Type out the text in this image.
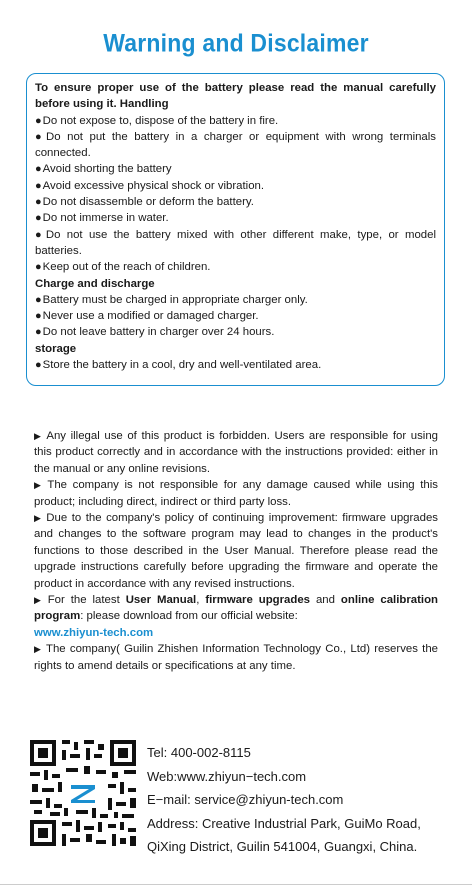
Warning and Disclaimer

To ensure proper use of the battery please read the manual carefully before using it. Handling

● Do not expose to, dispose of the battery in fire.

● Do not put the battery in a charger or equipment with wrong terminals connected.

● Avoid shorting the battery

● Avoid excessive physical shock or vibration.

● Do not disassemble or deform the battery.

● Do not immerse in water.

● Do not use the battery mixed with other different make, type, or model batteries.

● Keep out of the reach of children.

Charge and discharge

● Battery must be charged in appropriate charger only.

● Never use a modified or damaged charger.

● Do not leave battery in charger over 24 hours.

storage

● Store the battery in a cool, dry and well-ventilated area.

▶ Any illegal use of this product is forbidden. Users are responsible for using this product correctly and in accordance with the instructions provided: either in the manual or any online revisions.

▶ The company is not responsible for any damage caused while using this product; including direct, indirect or third party loss.

▶ Due to the company's policy of continuing improvement: firmware upgrades and changes to the software program may lead to changes in the product's functions to those described in the User Manual. Therefore please read the upgrade instructions carefully before upgrading the firmware and operate the product in accordance with any revised instructions.

▶ For the latest User Manual, firmware upgrades and online calibration program: please download from our official website:
www.zhiyun-tech.com

▶ The company( Guilin Zhishen Information Technology Co., Ltd) reserves the rights to amend details or specifications at any time.

Tel: 400-002-8115

Web:www.zhiyun−tech.com

E−mail: service@zhiyun-tech.com

Address: Creative Industrial Park, GuiMo Road,

QiXing District, Guilin 541004, Guangxi, China.
